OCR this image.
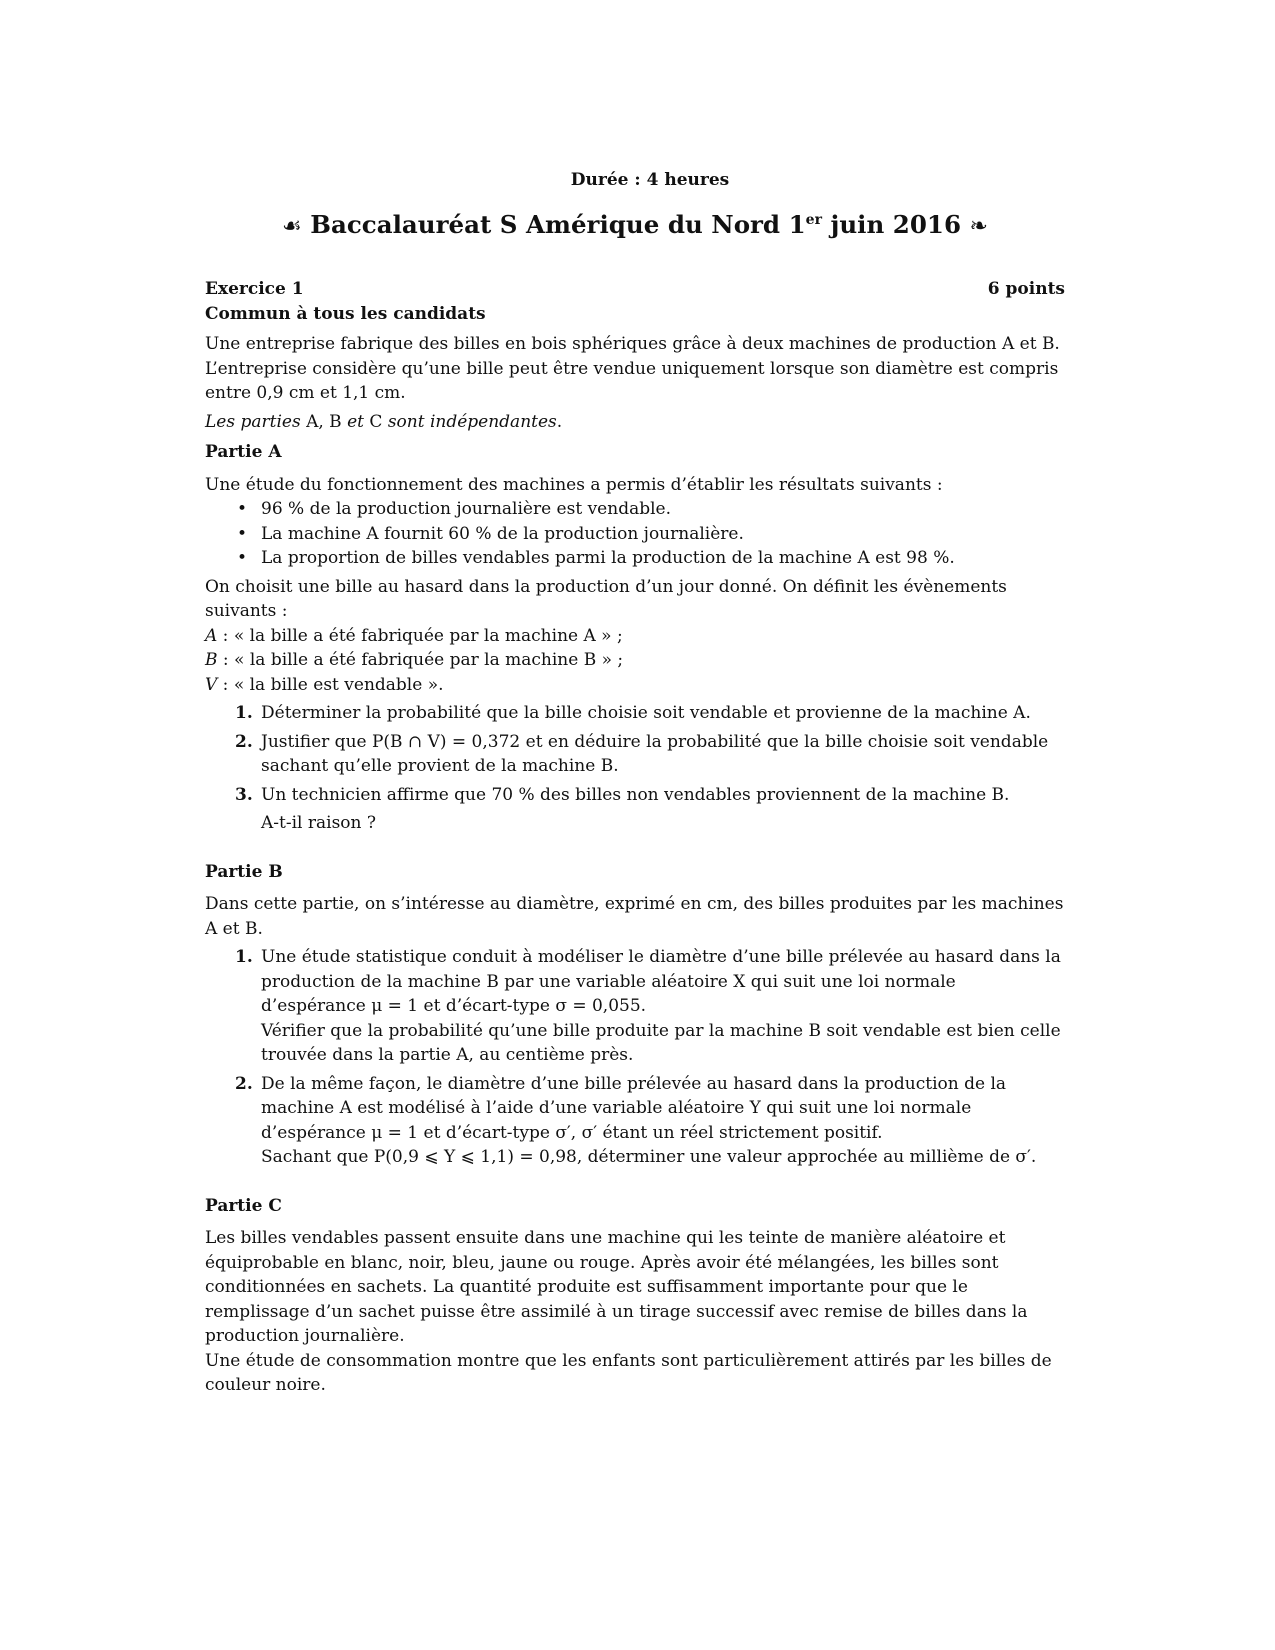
Durée : 4 heures
☙ Baccalauréat S Amérique du Nord 1er juin 2016 ❧
Exercice 1	6 points
Commun à tous les candidats

Une entreprise fabrique des billes en bois sphériques grâce à deux machines de production A et B. L’entreprise considère qu’une bille peut être vendue uniquement lorsque son diamètre est compris entre 0,9 cm et 1,1 cm.

Les parties A, B et C sont indépendantes.

Partie A

Une étude du fonctionnement des machines a permis d’établir les résultats suivants :

• 96 % de la production journalière est vendable.
• La machine A fournit 60 % de la production journalière.
• La proportion de billes vendables parmi la production de la machine A est 98 %.

On choisit une bille au hasard dans la production d’un jour donné. On définit les évènements suivants :

A : « la bille a été fabriquée par la machine A » ;
B : « la bille a été fabriquée par la machine B » ;
V : « la bille est vendable ».
1. Déterminer la probabilité que la bille choisie soit vendable et provienne de la machine A.
2. Justifier que P(B ∩ V) = 0,372 et en déduire la probabilité que la bille choisie soit vendable sachant qu’elle provient de la machine B.
3. Un technicien affirme que 70 % des billes non vendables proviennent de la machine B.
A-t-il raison ?
Partie B

Dans cette partie, on s’intéresse au diamètre, exprimé en cm, des billes produites par les machines A et B.

1. Une étude statistique conduit à modéliser le diamètre d’une bille prélevée au hasard dans la production de la machine B par une variable aléatoire X qui suit une loi normale d’espérance μ = 1 et d’écart-type σ = 0,055.
Vérifier que la probabilité qu’une bille produite par la machine B soit vendable est bien celle trouvée dans la partie A, au centième près.
2. De la même façon, le diamètre d’une bille prélevée au hasard dans la production de la machine A est modélisé à l’aide d’une variable aléatoire Y qui suit une loi normale d’espérance μ = 1 et d’écart-type σ′, σ′ étant un réel strictement positif.
Sachant que P(0,9 ⩽ Y ⩽ 1,1) = 0,98, déterminer une valeur approchée au millième de σ′.
Partie C

Les billes vendables passent ensuite dans une machine qui les teinte de manière aléatoire et équiprobable en blanc, noir, bleu, jaune ou rouge. Après avoir été mélangées, les billes sont conditionnées en sachets. La quantité produite est suffisamment importante pour que le remplissage d’un sachet puisse être assimilé à un tirage successif avec remise de billes dans la production journalière.

Une étude de consommation montre que les enfants sont particulièrement attirés par les billes de couleur noire.
